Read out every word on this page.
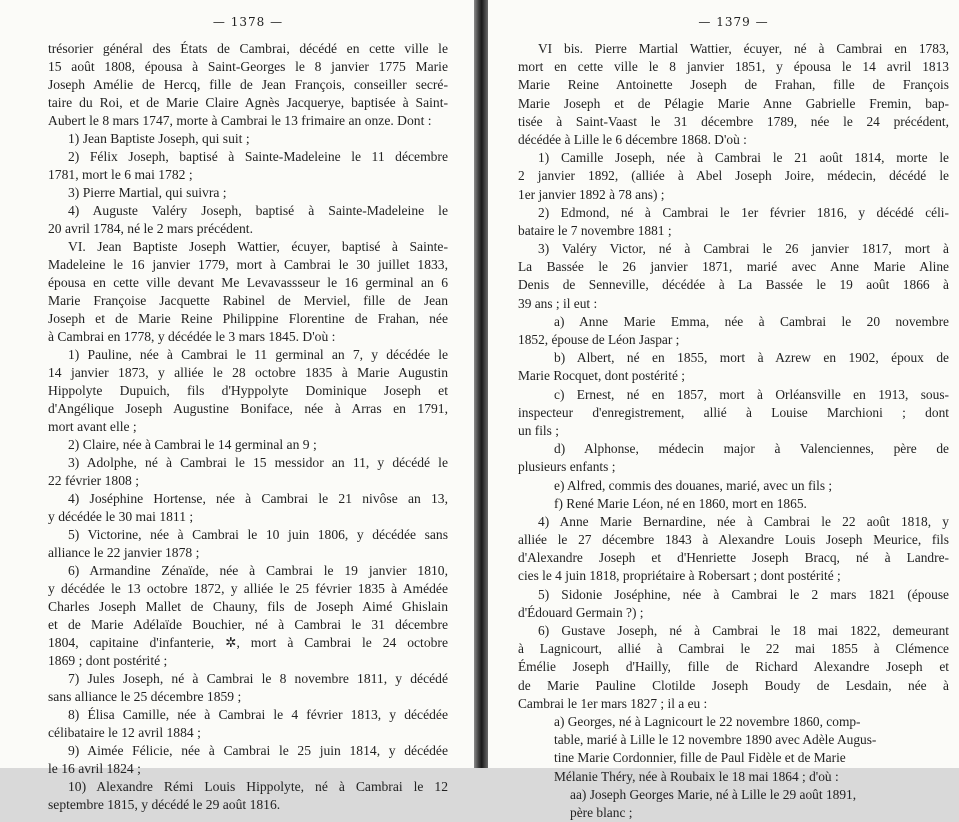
— 1378 —
trésorier général des États de Cambrai, décédé en cette ville le
15 août 1808, épousa à Saint-Georges le 8 janvier 1775 Marie
Joseph Amélie de Hercq, fille de Jean François, conseiller secré-
taire du Roi, et de Marie Claire Agnès Jacquerye, baptisée à Saint-
Aubert le 8 mars 1747, morte à Cambrai le 13 frimaire an onze. Dont :
1) Jean Baptiste Joseph, qui suit ;
2) Félix Joseph, baptisé à Sainte-Madeleine le 11 décembre
1781, mort le 6 mai 1782 ;
3) Pierre Martial, qui suivra ;
4) Auguste Valéry Joseph, baptisé à Sainte-Madeleine le
20 avril 1784, né le 2 mars précédent.
VI. Jean Baptiste Joseph Wattier, écuyer, baptisé à Sainte-
Madeleine le 16 janvier 1779, mort à Cambrai le 30 juillet 1833,
épousa en cette ville devant Me Levavassseur le 16 germinal an 6
Marie Françoise Jacquette Rabinel de Merviel, fille de Jean
Joseph et de Marie Reine Philippine Florentine de Frahan, née
à Cambrai en 1778, y décédée le 3 mars 1845. D'où :
1) Pauline, née à Cambrai le 11 germinal an 7, y décédée le
14 janvier 1873, y alliée le 28 octobre 1835 à Marie Augustin
Hippolyte Dupuich, fils d'Hyppolyte Dominique Joseph et
d'Angélique Joseph Augustine Boniface, née à Arras en 1791,
mort avant elle ;
2) Claire, née à Cambrai le 14 germinal an 9 ;
3) Adolphe, né à Cambrai le 15 messidor an 11, y décédé le
22 février 1808 ;
4) Joséphine Hortense, née à Cambrai le 21 nivôse an 13,
y décédée le 30 mai 1811 ;
5) Victorine, née à Cambrai le 10 juin 1806, y décédée sans
alliance le 22 janvier 1878 ;
6) Armandine Zénaïde, née à Cambrai le 19 janvier 1810,
y décédée le 13 octobre 1872, y alliée le 25 février 1835 à Amédée
Charles Joseph Mallet de Chauny, fils de Joseph Aimé Ghislain
et de Marie Adélaïde Bouchier, né à Cambrai le 31 décembre
1804, capitaine d'infanterie, ✲, mort à Cambrai le 24 octobre
1869 ; dont postérité ;
7) Jules Joseph, né à Cambrai le 8 novembre 1811, y décédé
sans alliance le 25 décembre 1859 ;
8) Élisa Camille, née à Cambrai le 4 février 1813, y décédée
célibataire le 12 avril 1884 ;
9) Aimée Félicie, née à Cambrai le 25 juin 1814, y décédée
le 16 avril 1824 ;
10) Alexandre Rémi Louis Hippolyte, né à Cambrai le 12
septembre 1815, y décédé le 29 août 1816.
— 1379 —
VI bis. Pierre Martial Wattier, écuyer, né à Cambrai en 1783,
mort en cette ville le 8 janvier 1851, y épousa le 14 avril 1813
Marie Reine Antoinette Joseph de Frahan, fille de François
Marie Joseph et de Pélagie Marie Anne Gabrielle Fremin, bap-
tisée à Saint-Vaast le 31 décembre 1789, née le 24 précédent,
décédée à Lille le 6 décembre 1868. D'où :
1) Camille Joseph, née à Cambrai le 21 août 1814, morte le
2 janvier 1892, (alliée à Abel Joseph Joire, médecin, décédé le
1er janvier 1892 à 78 ans) ;
2) Edmond, né à Cambrai le 1er février 1816, y décédé céli-
bataire le 7 novembre 1881 ;
3) Valéry Victor, né à Cambrai le 26 janvier 1817, mort à
La Bassée le 26 janvier 1871, marié avec Anne Marie Aline
Denis de Senneville, décédée à La Bassée le 19 août 1866 à
39 ans ; il eut :
a) Anne Marie Emma, née à Cambrai le 20 novembre
1852, épouse de Léon Jaspar ;
b) Albert, né en 1855, mort à Azrew en 1902, époux de
Marie Rocquet, dont postérité ;
c) Ernest, né en 1857, mort à Orléansville en 1913, sous-
inspecteur d'enregistrement, allié à Louise Marchioni ; dont
un fils ;
d) Alphonse, médecin major à Valenciennes, père de
plusieurs enfants ;
e) Alfred, commis des douanes, marié, avec un fils ;
f) René Marie Léon, né en 1860, mort en 1865.
4) Anne Marie Bernardine, née à Cambrai le 22 août 1818, y
alliée le 27 décembre 1843 à Alexandre Louis Joseph Meurice, fils
d'Alexandre Joseph et d'Henriette Joseph Bracq, né à Landre-
cies le 4 juin 1818, propriétaire à Robersart ; dont postérité ;
5) Sidonie Joséphine, née à Cambrai le 2 mars 1821 (épouse
d'Édouard Germain ?) ;
6) Gustave Joseph, né à Cambrai le 18 mai 1822, demeurant
à Lagnicourt, allié à Cambrai le 22 mai 1855 à Clémence
Émélie Joseph d'Hailly, fille de Richard Alexandre Joseph et
de Marie Pauline Clotilde Joseph Boudy de Lesdain, née à
Cambrai le 1er mars 1827 ; il a eu :
a) Georges, né à Lagnicourt le 22 novembre 1860, comp-
table, marié à Lille le 12 novembre 1890 avec Adèle Augus-
tine Marie Cordonnier, fille de Paul Fidèle et de Marie
Mélanie Théry, née à Roubaix le 18 mai 1864 ; d'où :
aa) Joseph Georges Marie, né à Lille le 29 août 1891,
père blanc ;
